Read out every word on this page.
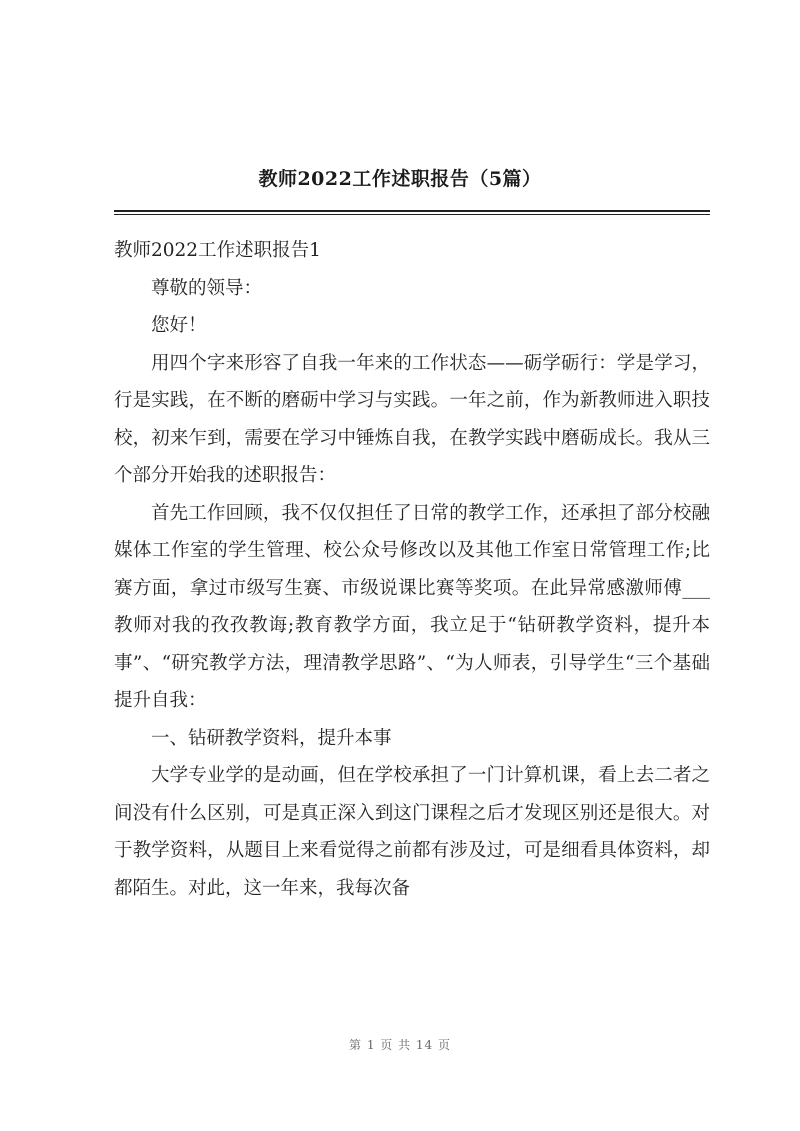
教师2022工作述职报告（5篇）

教师2022工作述职报告1

尊敬的领导：

您好！

用四个字来形容了自我一年来的工作状态——砺学砺行：学是学习，行是实践，在不断的磨砺中学习与实践。一年之前，作为新教师进入职技校，初来乍到，需要在学习中锤炼自我，在教学实践中磨砺成长。我从三个部分开始我的述职报告：

首先工作回顾，我不仅仅担任了日常的教学工作，还承担了部分校融媒体工作室的学生管理、校公众号修改以及其他工作室日常管理工作;比赛方面，拿过市级写生赛、市级说课比赛等奖项。在此异常感激师傅___教师对我的孜孜教诲;教育教学方面，我立足于“钻研教学资料，提升本事”、“研究教学方法，理清教学思路”、“为人师表，引导学生“三个基础提升自我：

一、钻研教学资料，提升本事

大学专业学的是动画，但在学校承担了一门计算机课，看上去二者之间没有什么区别，可是真正深入到这门课程之后才发现区别还是很大。对于教学资料，从题目上来看觉得之前都有涉及过，可是细看具体资料，却都陌生。对此，这一年来，我每次备

第 1 页 共 14 页
